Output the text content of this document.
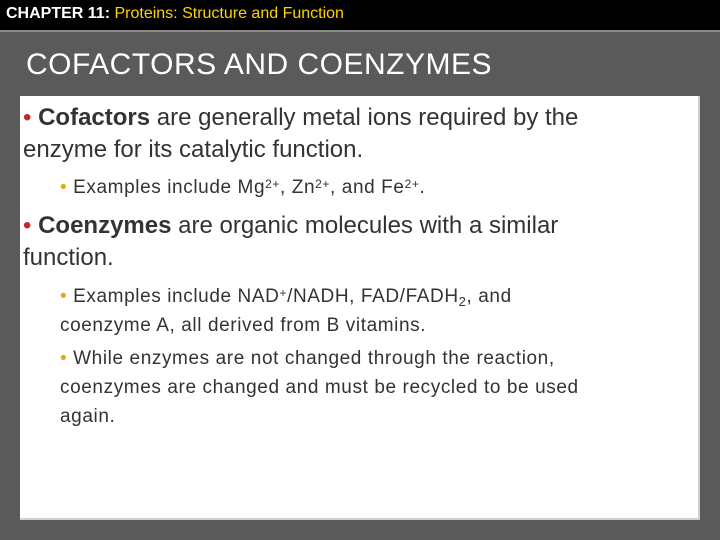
CHAPTER 11: Proteins: Structure and Function
COFACTORS AND COENZYMES
• Cofactors are generally metal ions required by the
enzyme for its catalytic function.
• Examples include $Mg^{2+}$, $Zn^{2+}$, and $Fe^{2+}$.
• Coenzymes are organic molecules with a similar
function.
• Examples include NAD+/NADH, FAD/$FADH_2$, and
coenzyme A, all derived from B vitamins.
• While enzymes are not changed through the reaction,
coenzymes are changed and must be recycled to be used
again.
